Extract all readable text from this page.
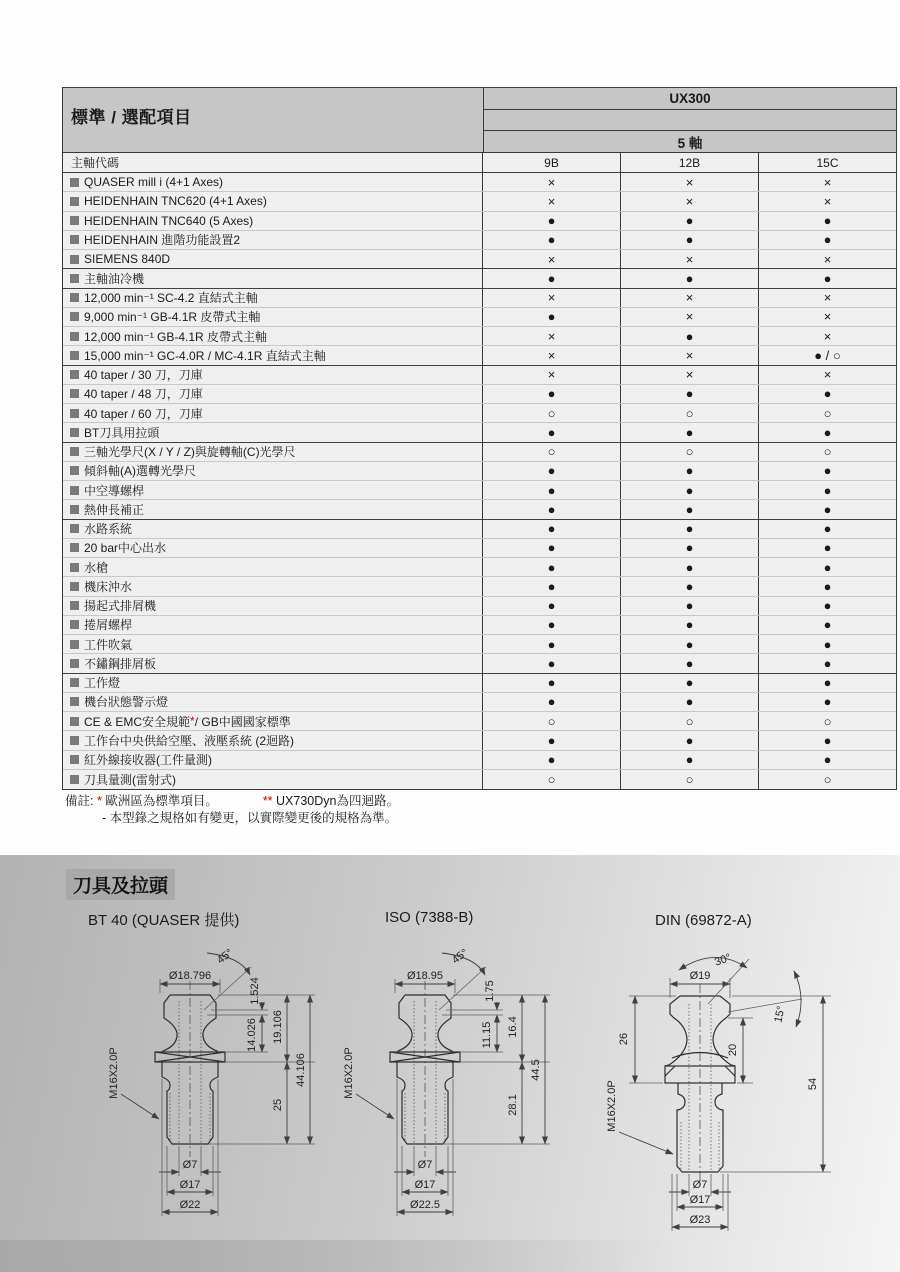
標準 / 選配項目
UX300
5 軸
主軸代碼	9B	12B	15C
QUASER mill i (4+1 Axes)	×	×	×
HEIDENHAIN TNC620 (4+1 Axes)	×	×	×
HEIDENHAIN TNC640 (5 Axes)	●	●	●
HEIDENHAIN 進階功能設置2	●	●	●
SIEMENS 840D	×	×	×
主軸油冷機	●	●	●
12,000 min⁻¹ SC-4.2 直結式主軸	×	×	×
9,000 min⁻¹ GB-4.1R 皮帶式主軸	●	×	×
12,000 min⁻¹ GB-4.1R 皮帶式主軸	×	●	×
15,000 min⁻¹ GC-4.0R / MC-4.1R 直結式主軸	×	×	● / ○
40 taper / 30 刀，刀庫	×	×	×
40 taper / 48 刀，刀庫	●	●	●
40 taper / 60 刀，刀庫	○	○	○
BT刀具用拉頭	●	●	●
三軸光學尺(X / Y / Z)與旋轉軸(C)光學尺	○	○	○
傾斜軸(A)選轉光學尺	●	●	●
中空導螺桿	●	●	●
熱伸長補正	●	●	●
水路系統	●	●	●
20 bar中心出水	●	●	●
水槍	●	●	●
機床沖水	●	●	●
揚起式排屑機	●	●	●
捲屑螺桿	●	●	●
工件吹氣	●	●	●
不鏽鋼排屑板	●	●	●
工作燈	●	●	●
機台狀態警示燈	●	●	●
CE & EMC安全規範 * / GB中國國家標準	○	○	○
工作台中央供給空壓、液壓系統 (2迴路)	●	●	●
紅外線接收器(工件量測)	●	●	●
刀具量測(雷射式)	○	○	○
備註: * 歐洲區為標準項目。	** UX730Dyn為四迴路。
- 本型錄之規格如有變更，以實際變更後的規格為準。
刀具及拉頭
BT 40 (QUASER 提供)	ISO (7388-B)	DIN (69872-A)
Ø18.796
45°
1.524
14.026 19.106
25
44.106
M16X2.0P
Ø7
Ø17
Ø22
Ø18.95
45°
1.75
11.15 16.4
28.1
44.5
M16X2.0P
Ø7
Ø17
Ø22.5
Ø19
30°
15°
26
20
54
M16X2.0P
Ø7
Ø17
Ø23
